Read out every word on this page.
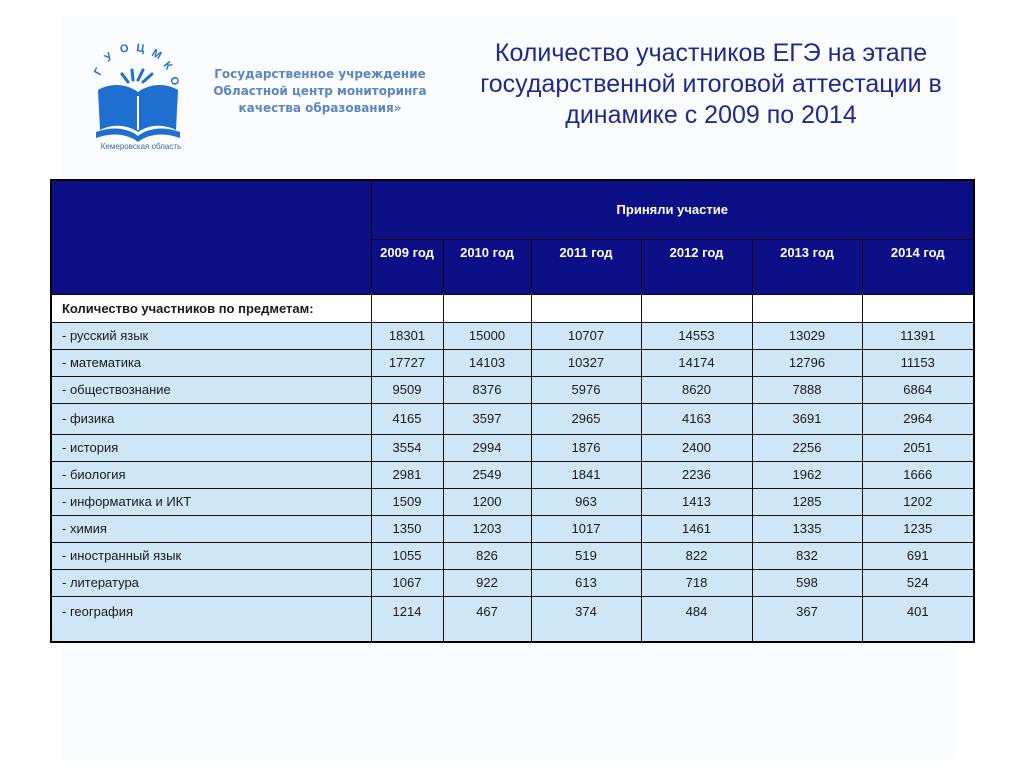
Г
У
О Ц М
К
О
Кемеровская область
Государственное учреждение
Областной центр мониторинга
качества образования»
Количество участников ЕГЭ на этапе
государственной итоговой аттестации в
динамике с 2009 по 2014
	Приняли участие					
	2009 год	2010 год	2011 год	2012 год	2013 год	2014 год
Количество участников по предметам:						
- русский язык	18301	15000	10707	14553	13029	11391
- математика	17727	14103	10327	14174	12796	11153
- обществознание	9509	8376	5976	8620	7888	6864
- физика	4165	3597	2965	4163	3691	2964
- история	3554	2994	1876	2400	2256	2051
- биология	2981	2549	1841	2236	1962	1666
- информатика и ИКТ	1509	1200	963	1413	1285	1202
- химия	1350	1203	1017	1461	1335	1235
- иностранный язык	1055	826	519	822	832	691
- литература	1067	922	613	718	598	524
- география	1214	467	374	484	367	401
